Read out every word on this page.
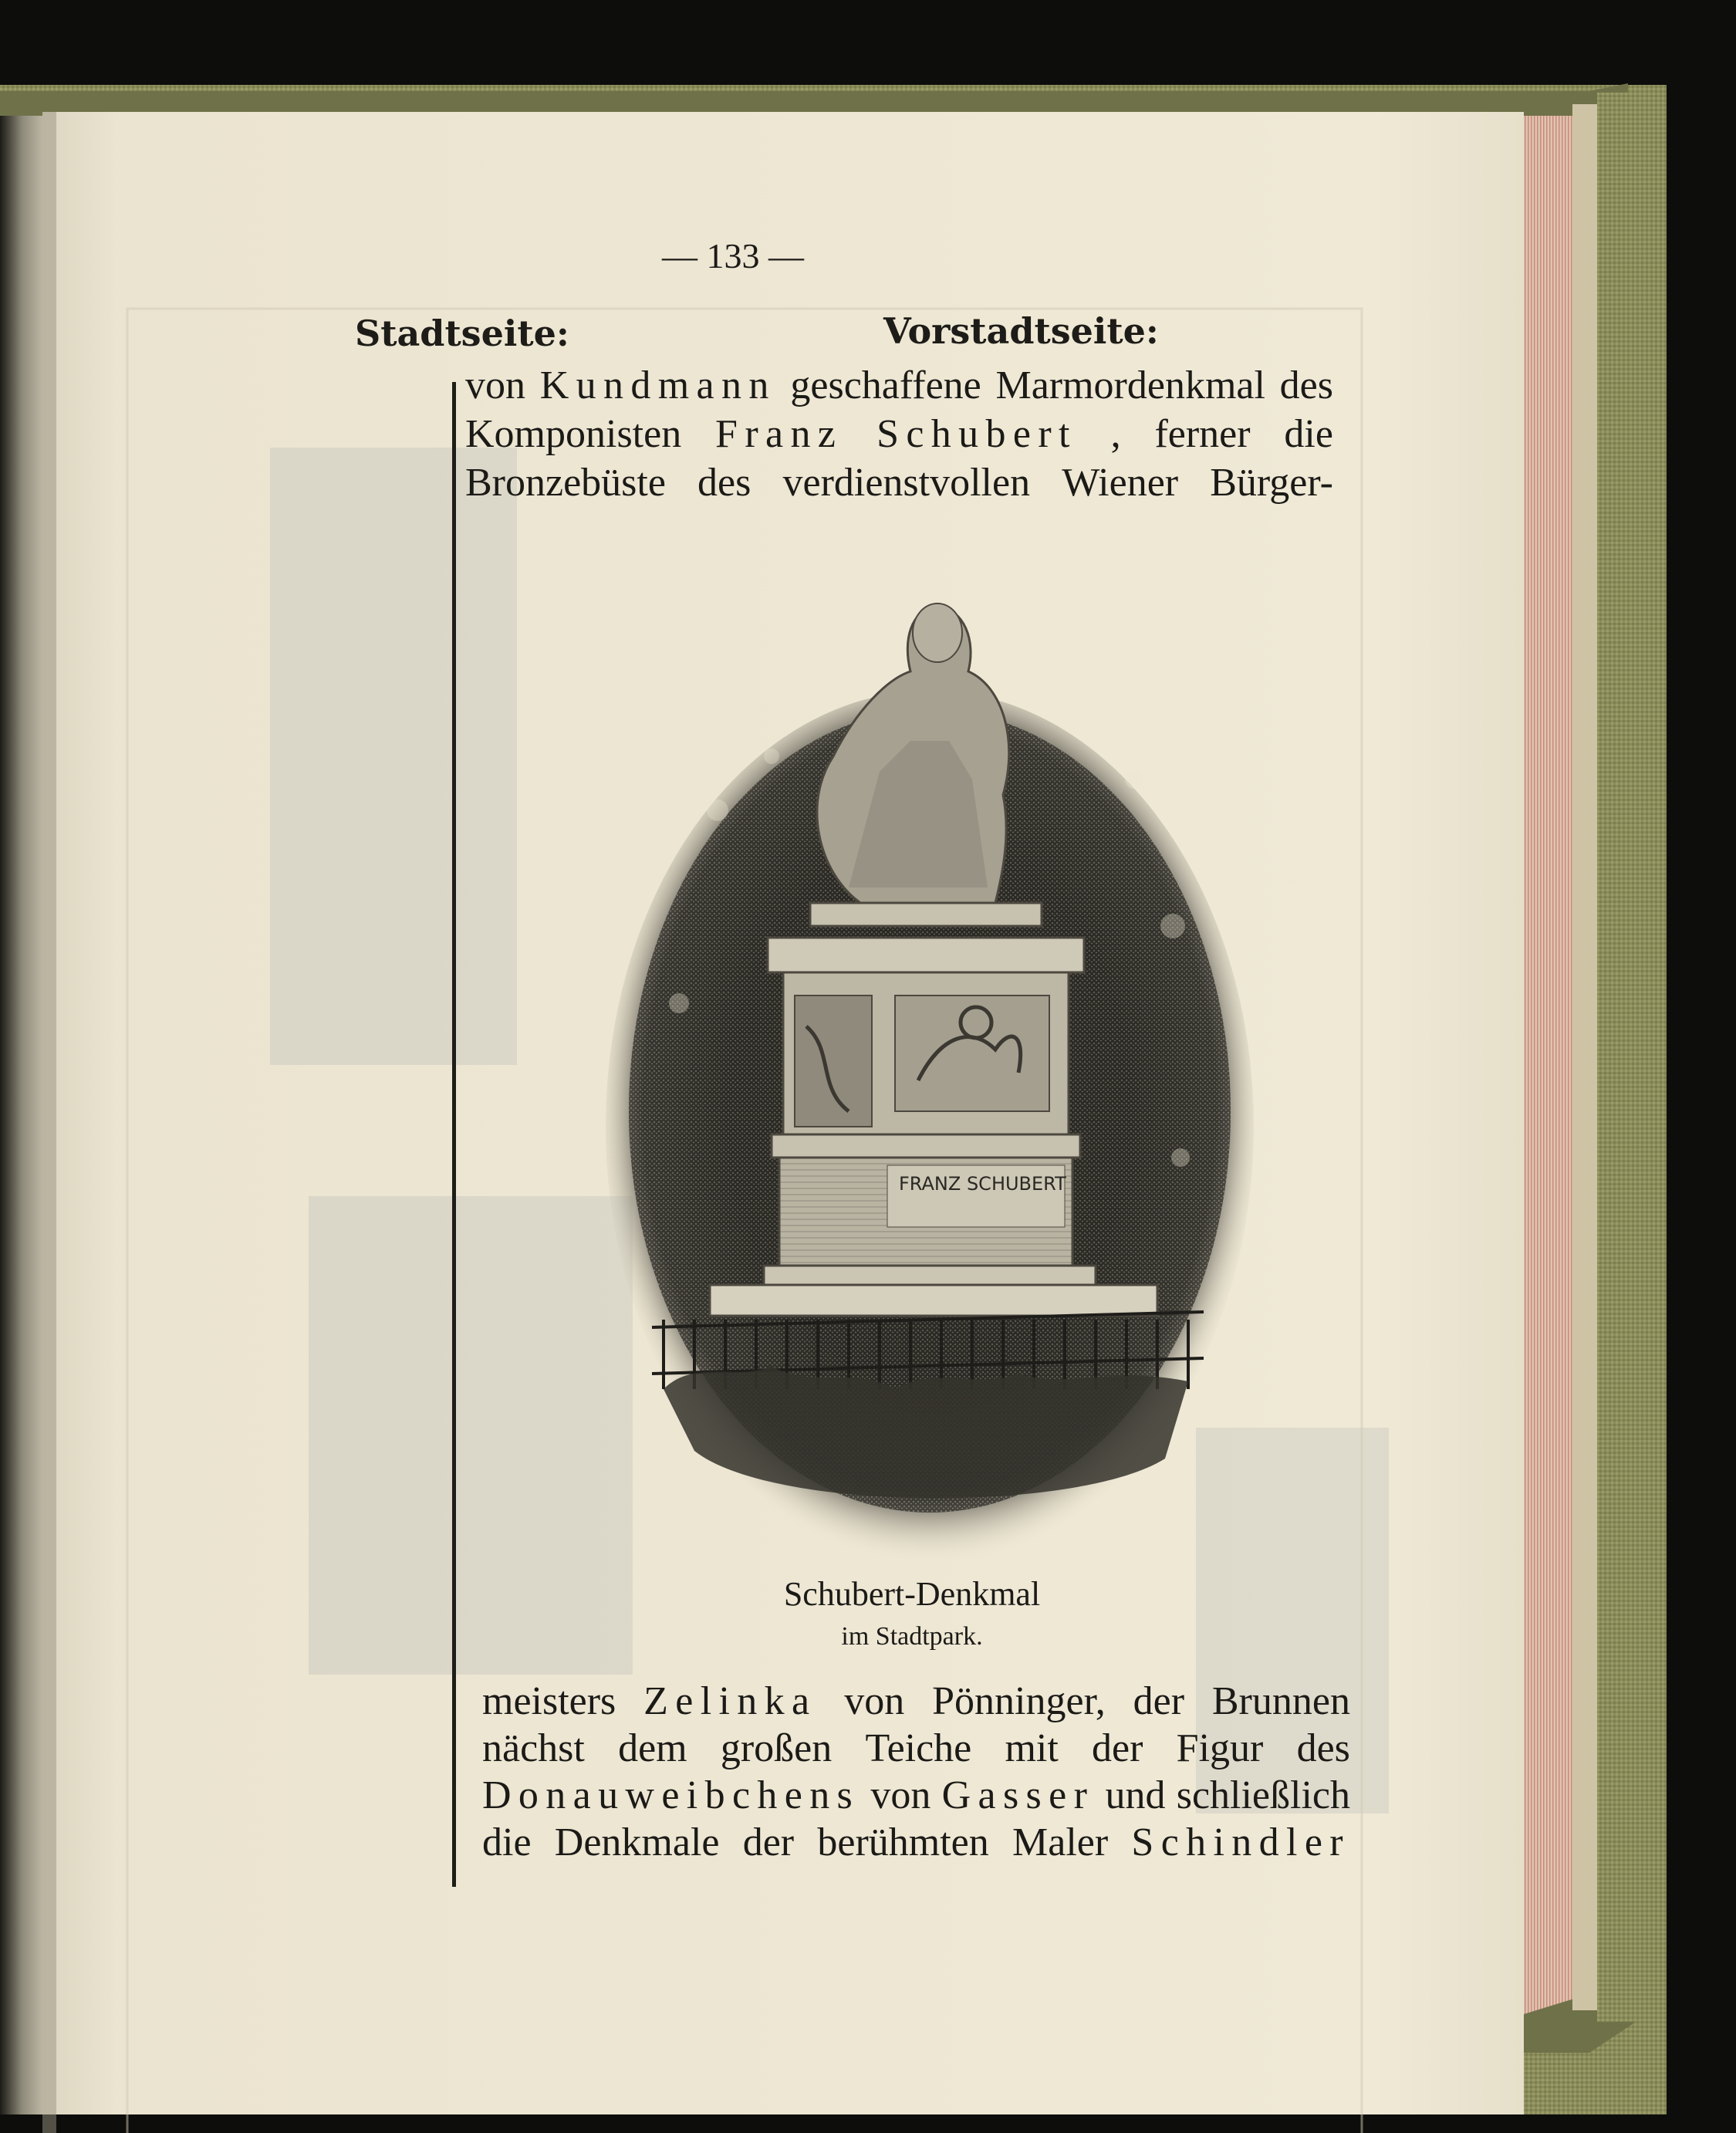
— 133 —
Stadtseite:	Vorstadtseite:
von Kundmann geschaffene Marmordenkmal des
Komponisten Franz Schubert , ferner die
Bronzebüste des verdienstvollen Wiener Bürger-
FRANZ SCHUBERT
Schubert-Denkmal
im Stadtpark.
meisters Zelinka von Pönninger, der Brunnen
nächst dem großen Teiche mit der Figur des
Donauweibchens von Gasser und schließlich
die Denkmale der berühmten Maler Schindler
